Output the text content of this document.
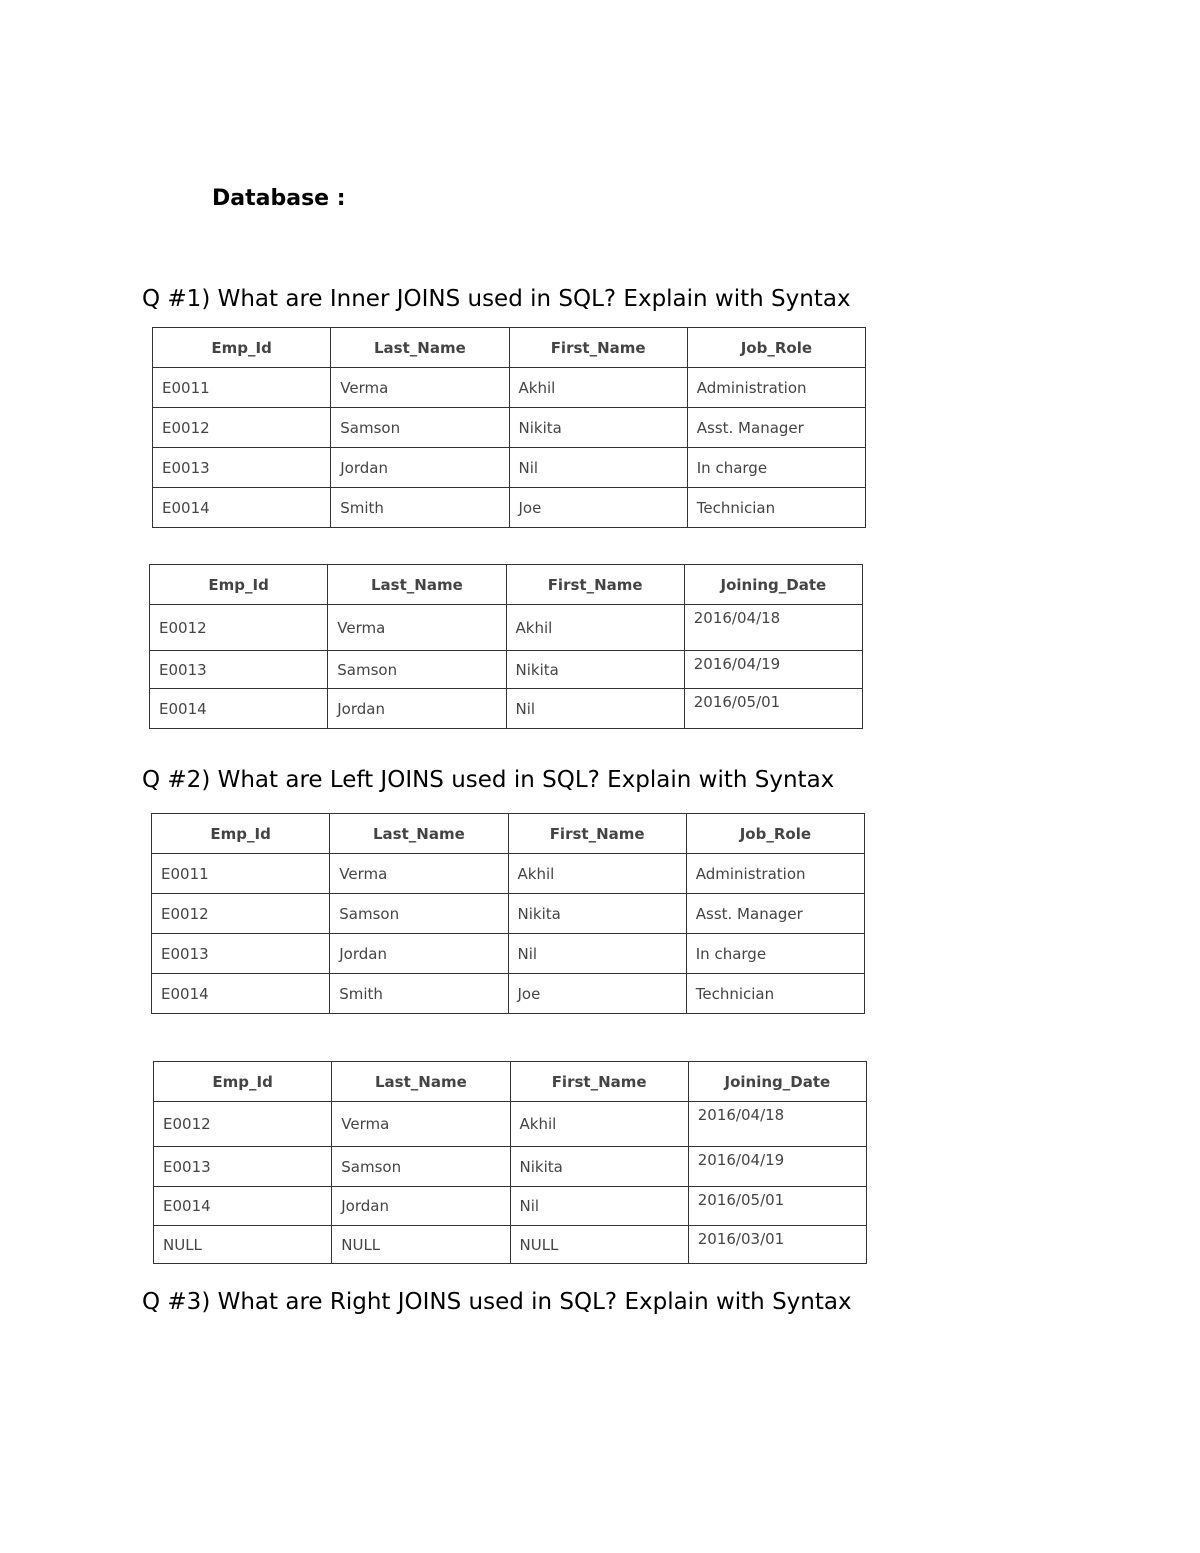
Database :

Q #1) What are Inner JOINS used in SQL? Explain with Syntax

Emp_Id	Last_Name	First_Name	Job_Role
E0011	Verma	Akhil	Administration
E0012	Samson	Nikita	Asst. Manager
E0013	Jordan	Nil	In charge
E0014	Smith	Joe	Technician
Emp_Id	Last_Name	First_Name	Joining_Date
E0012	Verma	Akhil	2016/04/18
E0013	Samson	Nikita	2016/04/19
E0014	Jordan	Nil	2016/05/01

Q #2) What are Left JOINS used in SQL? Explain with Syntax

Emp_Id	Last_Name	First_Name	Job_Role
E0011	Verma	Akhil	Administration
E0012	Samson	Nikita	Asst. Manager
E0013	Jordan	Nil	In charge
E0014	Smith	Joe	Technician
Emp_Id	Last_Name	First_Name	Joining_Date
E0012	Verma	Akhil	2016/04/18
E0013	Samson	Nikita	2016/04/19
E0014	Jordan	Nil	2016/05/01
NULL	NULL	NULL	2016/03/01

Q #3) What are Right JOINS used in SQL? Explain with Syntax
